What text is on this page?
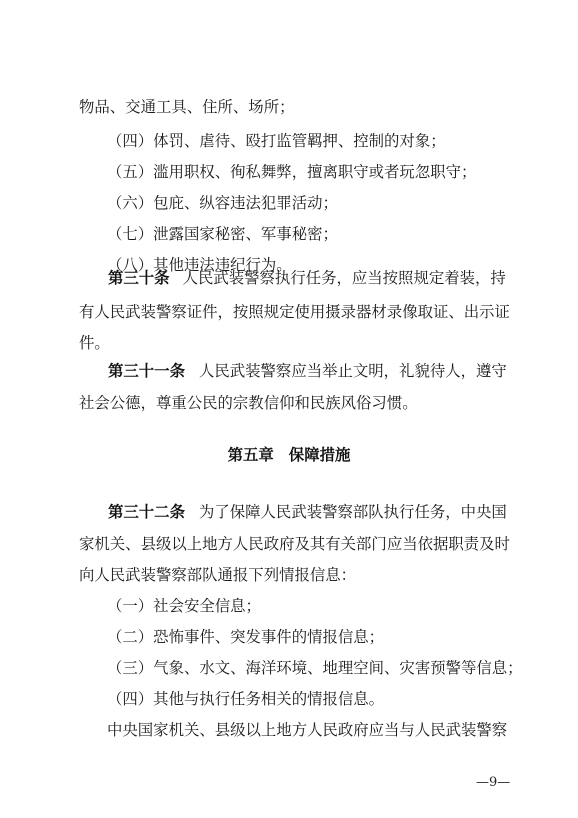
物品、交通工具、住所、场所；
（四）体罚、虐待、殴打监管羁押、控制的对象；
（五）滥用职权、徇私舞弊，擅离职守或者玩忽职守；
（六）包庇、纵容违法犯罪活动；
（七）泄露国家秘密、军事秘密；
（八）其他违法违纪行为。
第三十条 人民武装警察执行任务，应当按照规定着装，持
有人民武装警察证件，按照规定使用摄录器材录像取证、出示证
件。
第三十一条 人民武装警察应当举止文明，礼貌待人，遵守
社会公德，尊重公民的宗教信仰和民族风俗习惯。
第五章 保障措施
第三十二条 为了保障人民武装警察部队执行任务，中央国
家机关、县级以上地方人民政府及其有关部门应当依据职责及时
向人民武装警察部队通报下列情报信息：
（一）社会安全信息；
（二）恐怖事件、突发事件的情报信息；
（三）气象、水文、海洋环境、地理空间、灾害预警等信息；
（四）其他与执行任务相关的情报信息。
中央国家机关、县级以上地方人民政府应当与人民武装警察
—9—
